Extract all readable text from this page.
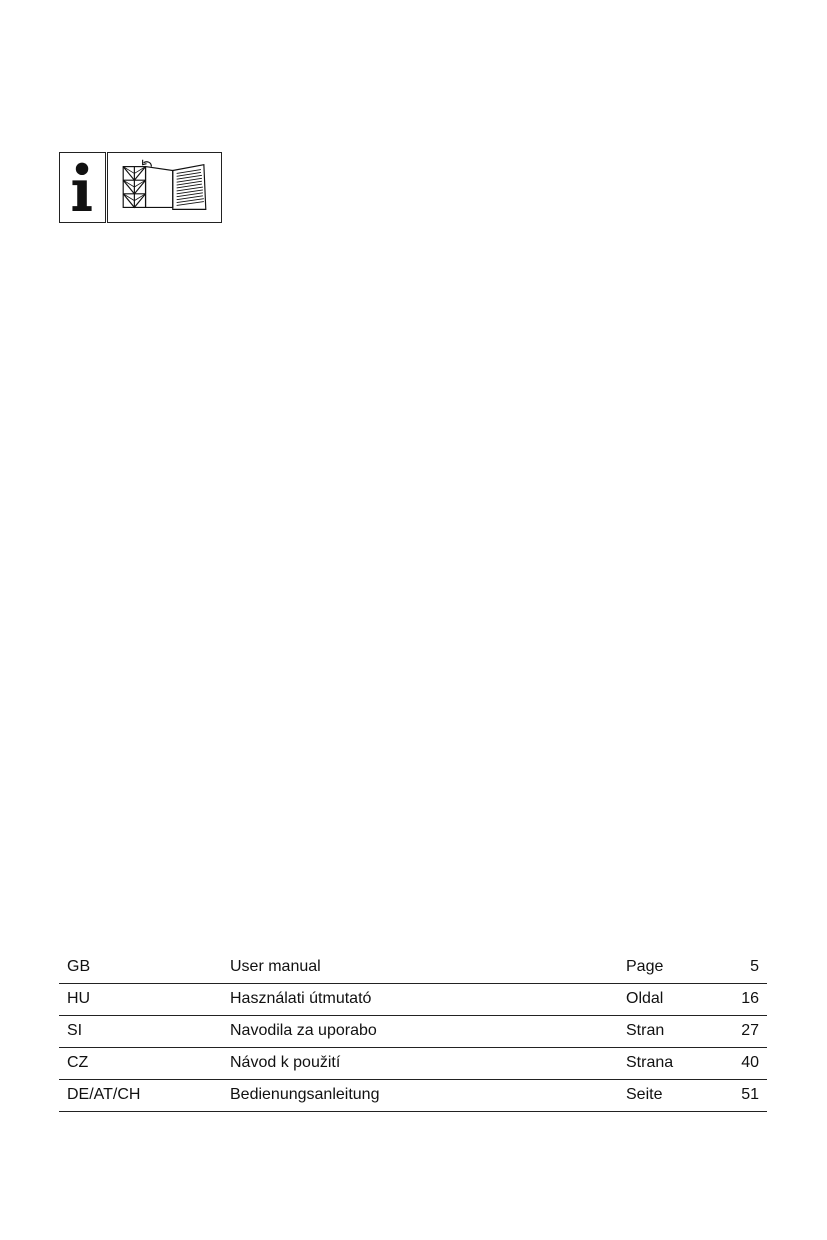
GB	User manual	Page	5
HU	Használati útmutató	Oldal	16
SI	Navodila za uporabo	Stran	27
CZ	Návod k použití	Strana	40
DE/AT/CH	Bedienungsanleitung	Seite	51
